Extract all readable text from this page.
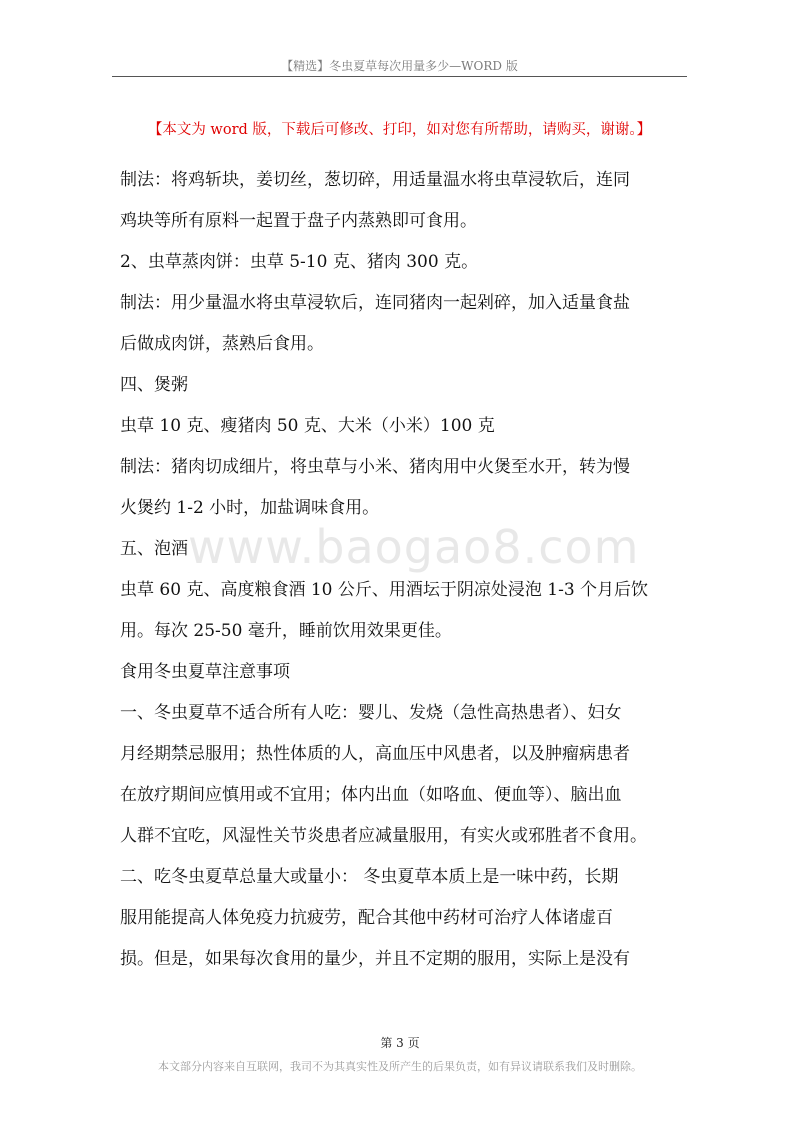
【精选】冬虫夏草每次用量多少—WORD 版
【本文为 word 版，下载后可修改、打印，如对您有所帮助，请购买，谢谢。】

制法：将鸡斩块，姜切丝，葱切碎，用适量温水将虫草浸软后，连同

鸡块等所有原料一起置于盘子内蒸熟即可食用。

2、虫草蒸肉饼：虫草 5-10 克、猪肉 300 克。

制法：用少量温水将虫草浸软后，连同猪肉一起剁碎，加入适量食盐

后做成肉饼，蒸熟后食用。

四、煲粥

虫草 10 克、瘦猪肉 50 克、大米（小米）100 克

制法：猪肉切成细片，将虫草与小米、猪肉用中火煲至水开，转为慢

火煲约 1-2 小时，加盐调味食用。

五、泡酒

虫草 60 克、高度粮食酒 10 公斤、用酒坛于阴凉处浸泡 1-3 个月后饮

用。每次 25-50 毫升，睡前饮用效果更佳。

食用冬虫夏草注意事项

一、冬虫夏草不适合所有人吃：婴儿、发烧（急性高热患者）、妇女

月经期禁忌服用；热性体质的人，高血压中风患者，以及肿瘤病患者

在放疗期间应慎用或不宜用；体内出血（如咯血、便血等）、脑出血

人群不宜吃，风湿性关节炎患者应减量服用，有实火或邪胜者不食用。

二、吃冬虫夏草总量大或量小： 冬虫夏草本质上是一味中药，长期

服用能提高人体免疫力抗疲劳，配合其他中药材可治疗人体诸虚百

损。但是，如果每次食用的量少，并且不定期的服用，实际上是没有

www.baogao8.com
第 3 页
本文部分内容来自互联网，我司不为其真实性及所产生的后果负责，如有异议请联系我们及时删除。
